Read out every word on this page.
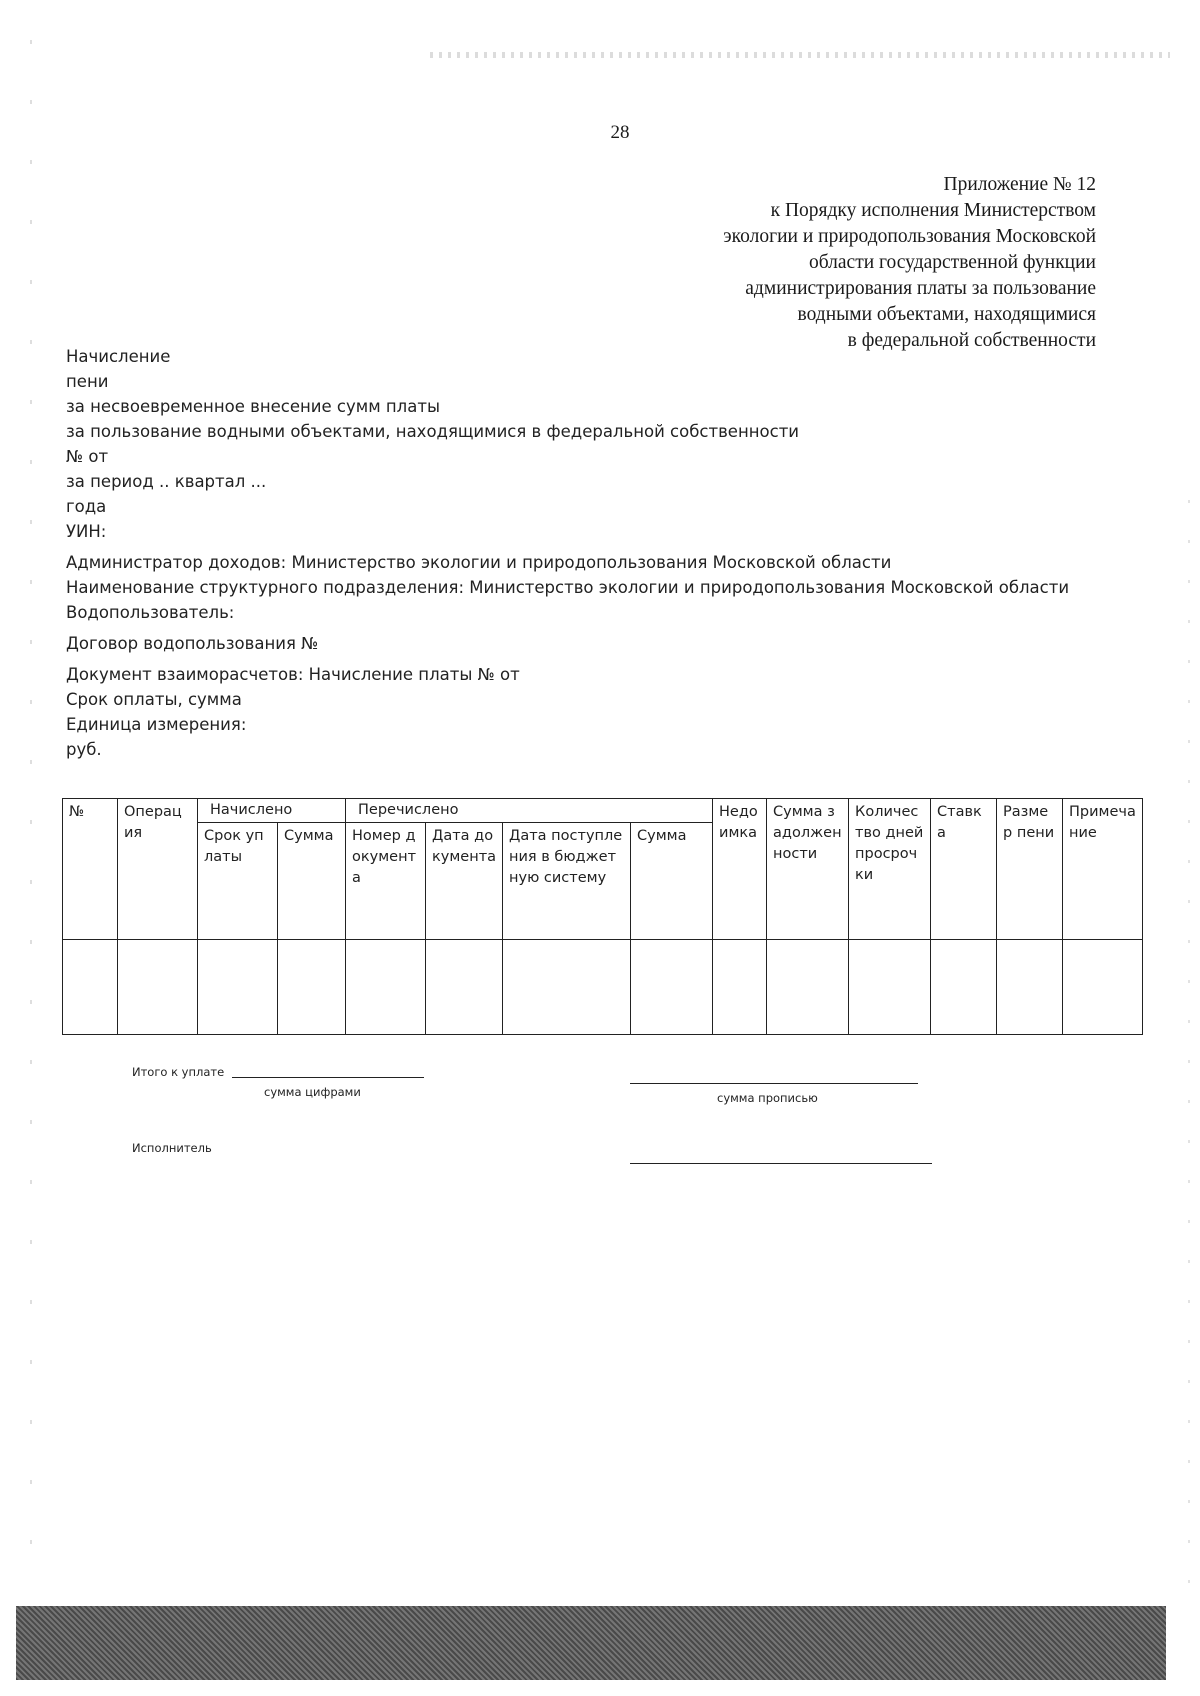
28
Приложение № 12
к Порядку исполнения Министерством
экологии и природопользования Московской
области государственной функции
администрирования платы за пользование
водными объектами, находящимися
в федеральной собственности
Начисление
пени
за несвоевременное внесение сумм платы
за пользование водными объектами, находящимися в федеральной собственности
№ от
за период .. квартал ...
года
УИН:
Администратор доходов: Министерство экологии и природопользования Московской области
Наименование структурного подразделения: Министерство экологии и природопользования Московской области
Водопользователь:
Договор водопользования №
Документ взаиморасчетов: Начисление платы № от
Срок оплаты, сумма
Единица измерения:
руб.
№	Операция	Начислено		Перечислено				Недоимка	Сумма задолженности	Количество дней просрочки	Ставка	Размер пени	Примечание
		Срок уплаты	Сумма	Номер документа	Дата документа	Дата поступления в бюджетную систему	Сумма						

Итого к уплате
сумма цифрами	сумма прописью
Исполнитель
